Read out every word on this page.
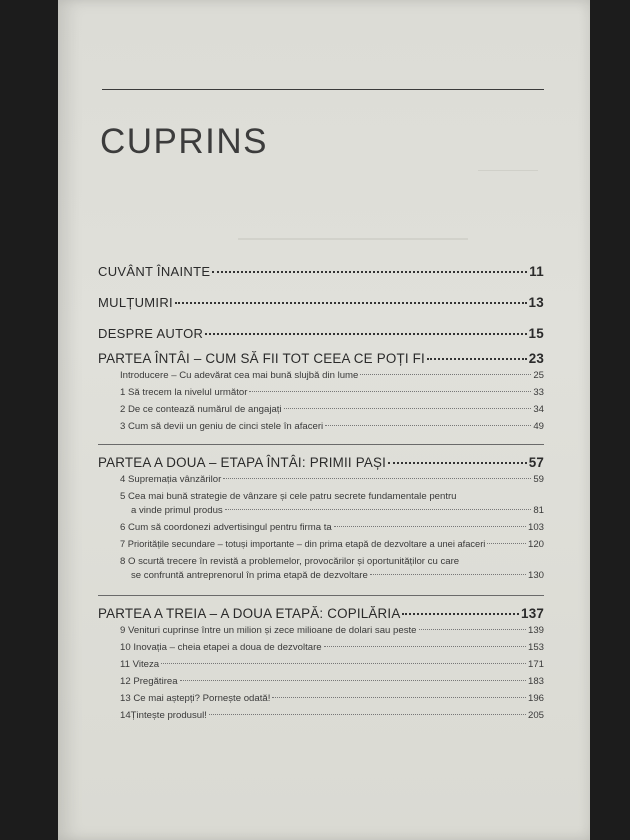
CUPRINS
CUVÂNT ÎNAINTE	11
MULȚUMIRI	13
DESPRE AUTOR	15
PARTEA ÎNTÂI – CUM SĂ FII TOT CEEA CE POȚI FI	23
Introducere – Cu adevărat cea mai bună slujbă din lume	25
1 Să trecem la nivelul următor	33
2 De ce contează numărul de angajați	34
3 Cum să devii un geniu de cinci stele în afaceri	49
PARTEA A DOUA – ETAPA ÎNTÂI: PRIMII PAȘI	57
4 Supremația vânzărilor	59
5 Cea mai bună strategie de vânzare și cele patru secrete fundamentale pentru
a vinde primul produs	81
6 Cum să coordonezi advertisingul pentru firma ta	103
7 Prioritățile secundare – totuși importante – din prima etapă de dezvoltare a unei afaceri	120
8 O scurtă trecere în revistă a problemelor, provocărilor și oportunităților cu care
se confruntă antreprenorul în prima etapă de dezvoltare	130
PARTEA A TREIA – A DOUA ETAPĂ: COPILĂRIA	137
9 Venituri cuprinse între un milion și zece milioane de dolari sau peste	139
10 Inovația – cheia etapei a doua de dezvoltare	153
11 Viteza	171
12 Pregătirea	183
13 Ce mai aștepți? Pornește odată!	196
14Țintește produsul!	205
